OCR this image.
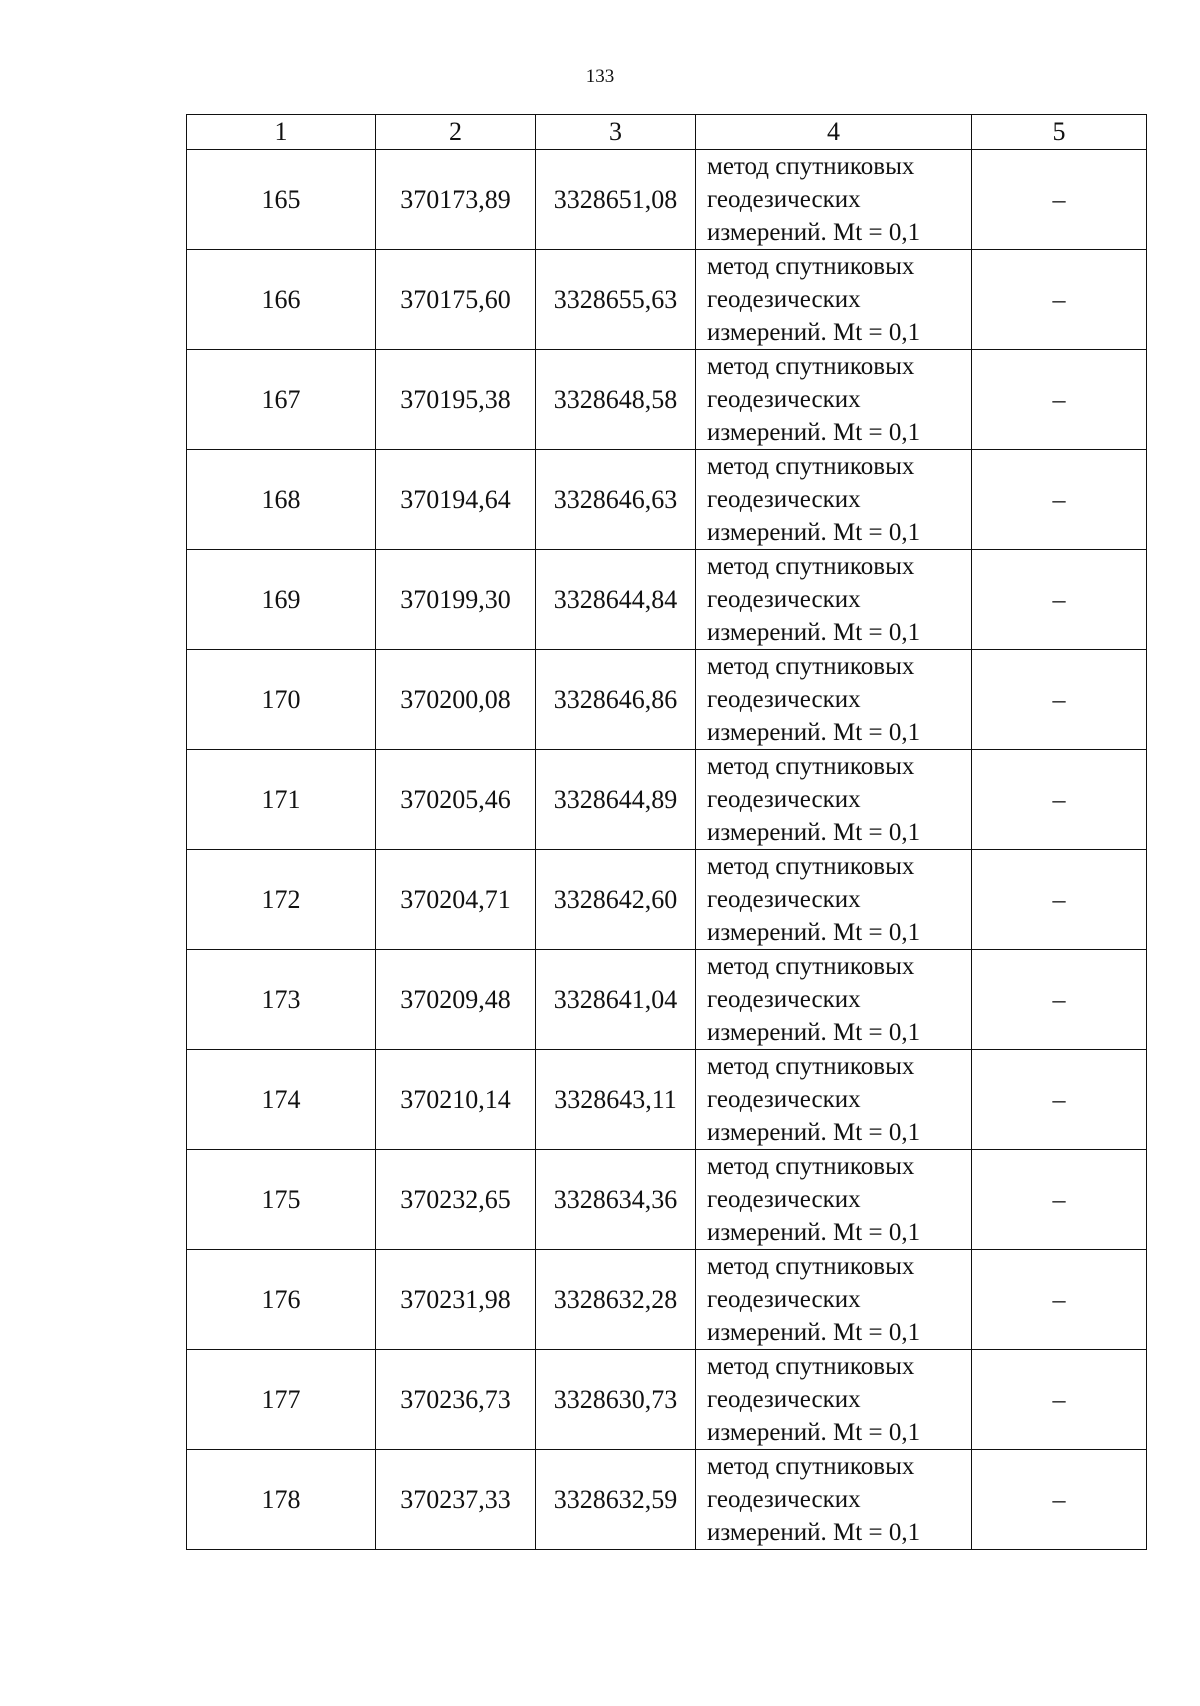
133
1	2	3	4	5
165	370173,89	3328651,08	метод спутниковых геодезических измерений. Mt = 0,1	–
166	370175,60	3328655,63	метод спутниковых геодезических измерений. Mt = 0,1	–
167	370195,38	3328648,58	метод спутниковых геодезических измерений. Mt = 0,1	–
168	370194,64	3328646,63	метод спутниковых геодезических измерений. Mt = 0,1	–
169	370199,30	3328644,84	метод спутниковых геодезических измерений. Mt = 0,1	–
170	370200,08	3328646,86	метод спутниковых геодезических измерений. Mt = 0,1	–
171	370205,46	3328644,89	метод спутниковых геодезических измерений. Mt = 0,1	–
172	370204,71	3328642,60	метод спутниковых геодезических измерений. Mt = 0,1	–
173	370209,48	3328641,04	метод спутниковых геодезических измерений. Mt = 0,1	–
174	370210,14	3328643,11	метод спутниковых геодезических измерений. Mt = 0,1	–
175	370232,65	3328634,36	метод спутниковых геодезических измерений. Mt = 0,1	–
176	370231,98	3328632,28	метод спутниковых геодезических измерений. Mt = 0,1	–
177	370236,73	3328630,73	метод спутниковых геодезических измерений. Mt = 0,1	–
178	370237,33	3328632,59	метод спутниковых геодезических измерений. Mt = 0,1	–
